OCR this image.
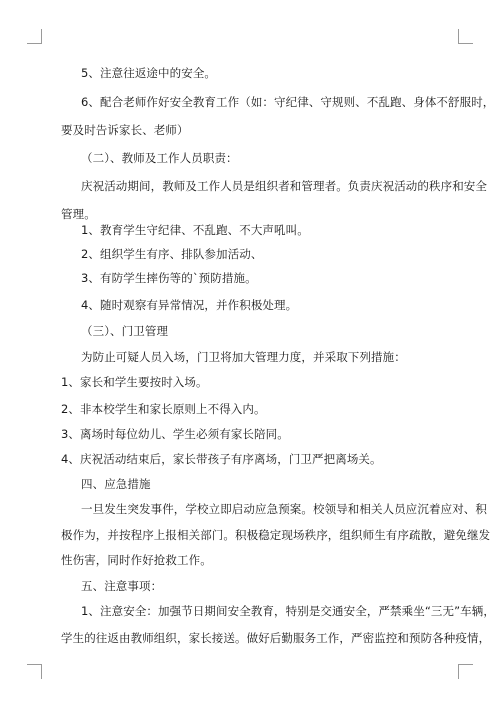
5、注意往返途中的安全。
6、配合老师作好安全教育工作（如：守纪律、守规则、不乱跑、身体不舒服时，
要及时告诉家长、老师）
（二）、教师及工作人员职责：
庆祝活动期间，教师及工作人员是组织者和管理者。负责庆祝活动的秩序和安全
管理。
1、教育学生守纪律、不乱跑、不大声吼叫。
2、组织学生有序、排队参加活动、
3、有防学生摔伤等的`预防措施。
4、随时观察有异常情况，并作积极处理。
（三）、门卫管理
为防止可疑人员入场，门卫将加大管理力度，并采取下列措施：
1、家长和学生要按时入场。
2、非本校学生和家长原则上不得入内。
3、离场时每位幼儿、学生必须有家长陪同。
4、庆祝活动结束后，家长带孩子有序离场，门卫严把离场关。
四、应急措施
一旦发生突发事件，学校立即启动应急预案。校领导和相关人员应沉着应对、积
极作为，并按程序上报相关部门。积极稳定现场秩序，组织师生有序疏散，避免继发
性伤害，同时作好抢救工作。
五、注意事项：
1、注意安全：加强节日期间安全教育，特别是交通安全，严禁乘坐“三无”车辆，
学生的往返由教师组织，家长接送。做好后勤服务工作，严密监控和预防各种疫情，
